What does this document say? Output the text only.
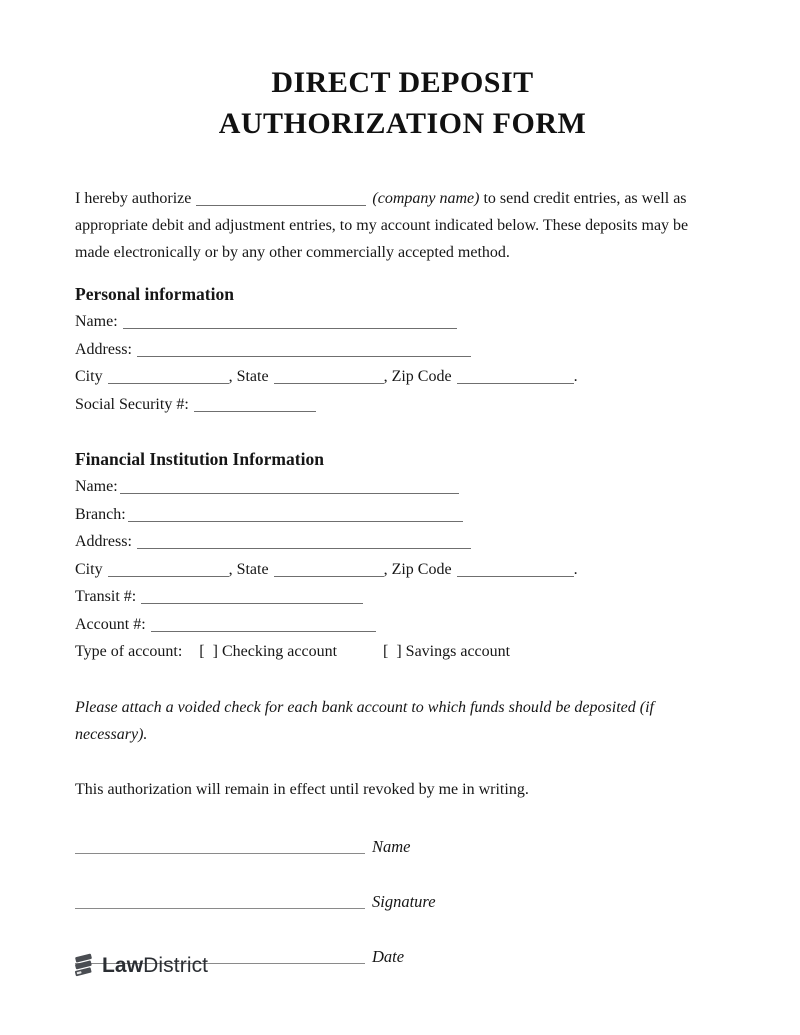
DIRECT DEPOSIT
AUTHORIZATION FORM

I hereby authorize	(company name) to send credit entries, as well as appropriate debit and adjustment entries, to my account indicated below. These deposits may be made electronically or by any other commercially accepted method.

Personal information
Name:
Address:
City	, State	, Zip Code	.
Social Security #:
Financial Institution Information
Name:
Branch:
Address:
City	, State	, Zip Code	.
Transit #:
Account #:
Type of account: [  ] Checking account	[  ] Savings account

Please attach a voided check for each bank account to which funds should be deposited (if necessary).

This authorization will remain in effect until revoked by me in writing.

Name
Signature
Date
LawDistrict
